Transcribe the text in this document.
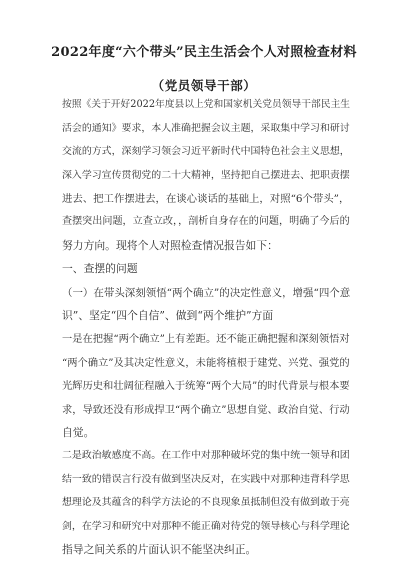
2022年度“六个带头”民主生活会个人对照检查材料
（党员领导干部）
按照《关于开好2022年度县以上党和国家机关党员领导干部民主生
活会的通知》要求，本人准确把握会议主题，采取集中学习和研讨
交流的方式，深刻学习领会习近平新时代中国特色社会主义思想，
深入学习宣传贯彻党的二十大精神，坚持把自己摆进去、把职责摆
进去、把工作摆进去，在谈心谈话的基础上，对照“6个带头”，
查摆突出问题，立查立改，，剖析自身存在的问题，明确了今后的
努力方向。现将个人对照检查情况报告如下：
一、查摆的问题
（一）在带头深刻领悟“两个确立”的决定性意义，增强“四个意
识”、坚定“四个自信”、做到“两个维护”方面
一是在把握“两个确立”上有差距。还不能正确把握和深刻领悟对
“两个确立”及其决定性意义，未能将植根于建党、兴党、强党的
光辉历史和壮阔征程融入于统筹“两个大局”的时代背景与根本要
求，导致还没有形成捍卫“两个确立”思想自觉、政治自觉、行动
自觉。
二是政治敏感度不高。在工作中对那种破坏党的集中统一领导和团
结一致的错误言行没有做到坚决反对，在实践中对那种违背科学思
想理论及其蕴含的科学方法论的不良现象虽抵制但没有做到敢于亮
剑，在学习和研究中对那种不能正确对待党的领导核心与科学理论
指导之间关系的片面认识不能坚决纠正。
